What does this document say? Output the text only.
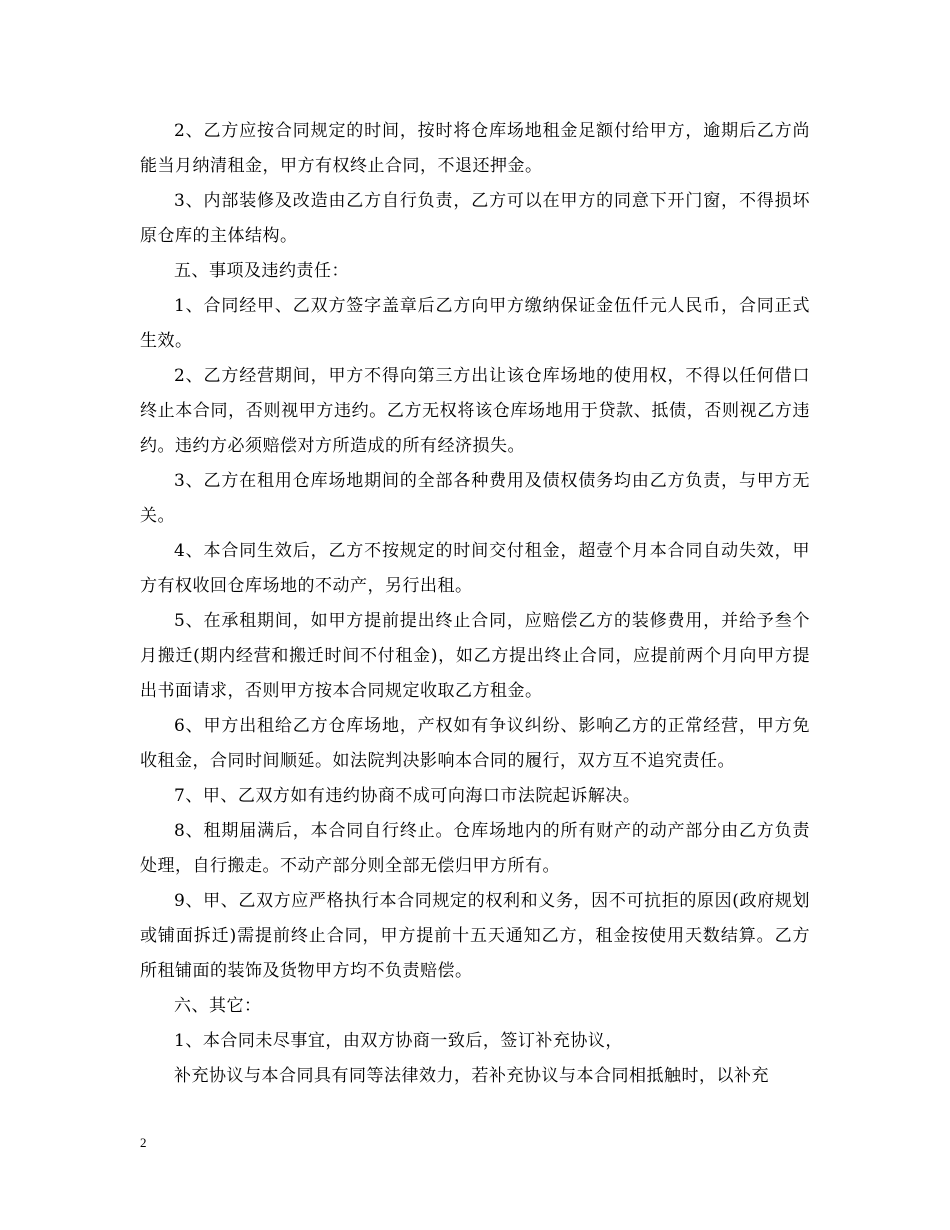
2、乙方应按合同规定的时间，按时将仓库场地租金足额付给甲方，逾期后乙方尚能当月纳清租金，甲方有权终止合同，不退还押金。

3、内部装修及改造由乙方自行负责，乙方可以在甲方的同意下开门窗，不得损坏原仓库的主体结构。

五、事项及违约责任：

1、合同经甲、乙双方签字盖章后乙方向甲方缴纳保证金伍仟元人民币，合同正式生效。

2、乙方经营期间，甲方不得向第三方出让该仓库场地的使用权，不得以任何借口终止本合同，否则视甲方违约。乙方无权将该仓库场地用于贷款、抵债，否则视乙方违约。违约方必须赔偿对方所造成的所有经济损失。

3、乙方在租用仓库场地期间的全部各种费用及债权债务均由乙方负责，与甲方无关。

4、本合同生效后，乙方不按规定的时间交付租金，超壹个月本合同自动失效，甲方有权收回仓库场地的不动产，另行出租。

5、在承租期间，如甲方提前提出终止合同，应赔偿乙方的装修费用，并给予叁个月搬迁(期内经营和搬迁时间不付租金)，如乙方提出终止合同，应提前两个月向甲方提出书面请求，否则甲方按本合同规定收取乙方租金。

6、甲方出租给乙方仓库场地，产权如有争议纠纷、影响乙方的正常经营，甲方免收租金，合同时间顺延。如法院判决影响本合同的履行，双方互不追究责任。

7、甲、乙双方如有违约协商不成可向海口市法院起诉解决。

8、租期届满后，本合同自行终止。仓库场地内的所有财产的动产部分由乙方负责处理，自行搬走。不动产部分则全部无偿归甲方所有。

9、甲、乙双方应严格执行本合同规定的权利和义务，因不可抗拒的原因(政府规划或铺面拆迁)需提前终止合同，甲方提前十五天通知乙方，租金按使用天数结算。乙方所租铺面的装饰及货物甲方均不负责赔偿。

六、其它：

1、本合同未尽事宜，由双方协商一致后，签订补充协议，

补充协议与本合同具有同等法律效力，若补充协议与本合同相抵触时，以补充

2
